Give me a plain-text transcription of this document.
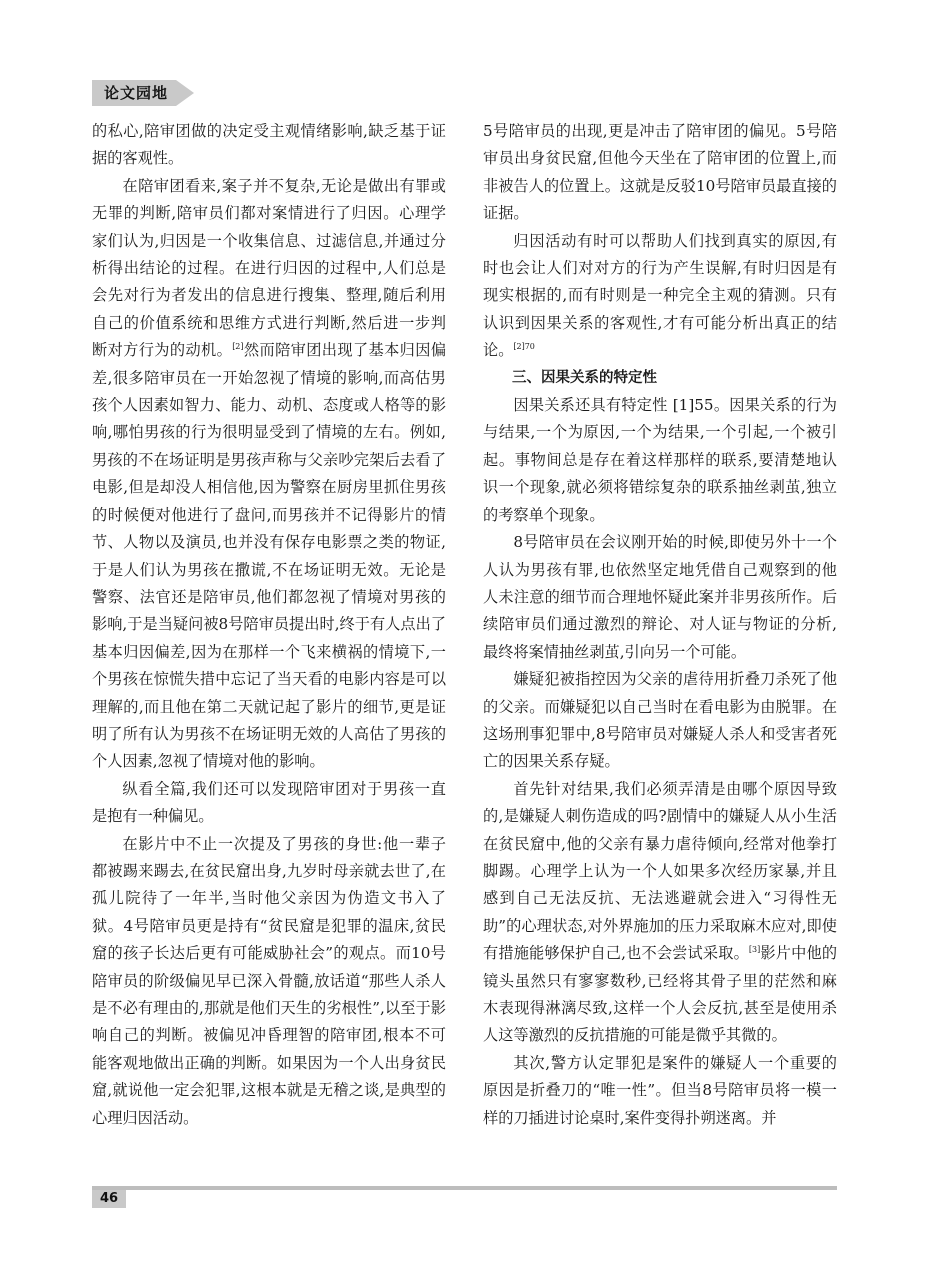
论文园地

的私心,陪审团做的决定受主观情绪影响,缺乏基于证据的客观性。

在陪审团看来,案子并不复杂,无论是做出有罪或无罪的判断,陪审员们都对案情进行了归因。心理学家们认为,归因是一个收集信息、过滤信息,并通过分析得出结论的过程。在进行归因的过程中,人们总是会先对行为者发出的信息进行搜集、整理,随后利用自己的价值系统和思维方式进行判断,然后进一步判断对方行为的动机。[2]然而陪审团出现了基本归因偏差,很多陪审员在一开始忽视了情境的影响,而高估男孩个人因素如智力、能力、动机、态度或人格等的影响,哪怕男孩的行为很明显受到了情境的左右。例如,男孩的不在场证明是男孩声称与父亲吵完架后去看了电影,但是却没人相信他,因为警察在厨房里抓住男孩的时候便对他进行了盘问,而男孩并不记得影片的情节、人物以及演员,也并没有保存电影票之类的物证,于是人们认为男孩在撒谎,不在场证明无效。无论是警察、法官还是陪审员,他们都忽视了情境对男孩的影响,于是当疑问被8号陪审员提出时,终于有人点出了基本归因偏差,因为在那样一个飞来横祸的情境下,一个男孩在惊慌失措中忘记了当天看的电影内容是可以理解的,而且他在第二天就记起了影片的细节,更是证明了所有认为男孩不在场证明无效的人高估了男孩的个人因素,忽视了情境对他的影响。

纵看全篇,我们还可以发现陪审团对于男孩一直是抱有一种偏见。

在影片中不止一次提及了男孩的身世:他一辈子都被踢来踢去,在贫民窟出身,九岁时母亲就去世了,在孤儿院待了一年半,当时他父亲因为伪造文书入了狱。4号陪审员更是持有“贫民窟是犯罪的温床,贫民窟的孩子长达后更有可能威胁社会”的观点。而10号陪审员的阶级偏见早已深入骨髓,放话道“那些人杀人是不必有理由的,那就是他们天生的劣根性”,以至于影响自己的判断。被偏见冲昏理智的陪审团,根本不可能客观地做出正确的判断。如果因为一个人出身贫民窟,就说他一定会犯罪,这根本就是无稽之谈,是典型的心理归因活动。

5号陪审员的出现,更是冲击了陪审团的偏见。5号陪审员出身贫民窟,但他今天坐在了陪审团的位置上,而非被告人的位置上。这就是反驳10号陪审员最直接的证据。

归因活动有时可以帮助人们找到真实的原因,有时也会让人们对对方的行为产生误解,有时归因是有现实根据的,而有时则是一种完全主观的猜测。只有认识到因果关系的客观性,才有可能分析出真正的结论。$^{[2]70}$

三、因果关系的特定性

因果关系还具有特定性 [1]55。因果关系的行为与结果,一个为原因,一个为结果,一个引起,一个被引起。事物间总是存在着这样那样的联系,要清楚地认识一个现象,就必须将错综复杂的联系抽丝剥茧,独立的考察单个现象。

8号陪审员在会议刚开始的时候,即使另外十一个人认为男孩有罪,也依然坚定地凭借自己观察到的他人未注意的细节而合理地怀疑此案并非男孩所作。后续陪审员们通过激烈的辩论、对人证与物证的分析,最终将案情抽丝剥茧,引向另一个可能。

嫌疑犯被指控因为父亲的虐待用折叠刀杀死了他的父亲。而嫌疑犯以自己当时在看电影为由脱罪。在这场刑事犯罪中,8号陪审员对嫌疑人杀人和受害者死亡的因果关系存疑。

首先针对结果,我们必须弄清是由哪个原因导致的,是嫌疑人刺伤造成的吗?剧情中的嫌疑人从小生活在贫民窟中,他的父亲有暴力虐待倾向,经常对他拳打脚踢。心理学上认为一个人如果多次经历家暴,并且感到自己无法反抗、无法逃避就会进入“习得性无助”的心理状态,对外界施加的压力采取麻木应对,即使有措施能够保护自己,也不会尝试采取。[3]影片中他的镜头虽然只有寥寥数秒,已经将其骨子里的茫然和麻木表现得淋漓尽致,这样一个人会反抗,甚至是使用杀人这等激烈的反抗措施的可能是微乎其微的。

其次,警方认定罪犯是案件的嫌疑人一个重要的原因是折叠刀的“唯一性”。但当8号陪审员将一模一样的刀插进讨论桌时,案件变得扑朔迷离。并

46
